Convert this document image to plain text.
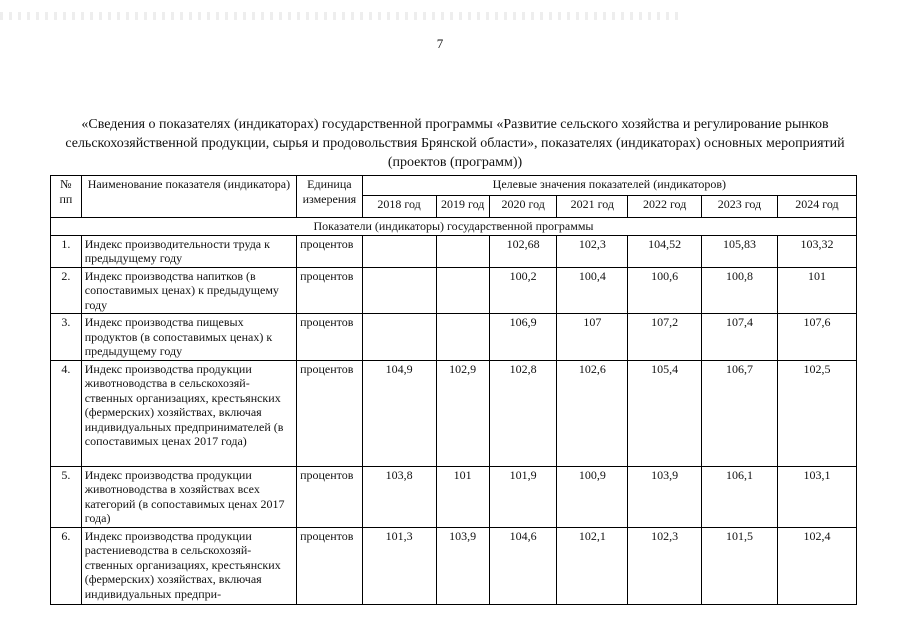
7
«Сведения о показателях (индикаторах) государственной программы «Развитие сельского хозяйства и регулирование рынков сельскохозяйственной продукции, сырья и продовольствия Брянской области», показателях (индикаторах) основных мероприятий (проектов (программ))
№ пп	Наименование показателя (индикатора)	Единица измерения	Целевые значения показателей (индикаторов)						
			2018 год	2019 год	2020 год	2021 год	2022 год	2023 год	2024 год
Показатели (индикаторы) государственной программы									
1.	Индекс производительности труда к предыдущему году	процентов			102,68	102,3	104,52	105,83	103,32
2.	Индекс производства напитков (в сопоставимых ценах) к предыдущему году	процентов			100,2	100,4	100,6	100,8	101
3.	Индекс производства пищевых продуктов (в сопоставимых ценах) к предыдущему году	процентов			106,9	107	107,2	107,4	107,6
4.	Индекс производства продукции животноводства в сельскохозяйственных организациях, крестьянских (фермерских) хозяйствах, включая индивидуальных предпринимателей (в сопоставимых ценах 2017 года)	процентов	104,9	102,9	102,8	102,6	105,4	106,7	102,5
5.	Индекс производства продукции животноводства в хозяйствах всех категорий (в сопоставимых ценах 2017 года)	процентов	103,8	101	101,9	100,9	103,9	106,1	103,1
6.	Индекс производства продукции растениеводства в сельскохозяйственных организациях, крестьянских (фермерских) хозяйствах, включая индивидуальных предпри-	процентов	101,3	103,9	104,6	102,1	102,3	101,5	102,4
